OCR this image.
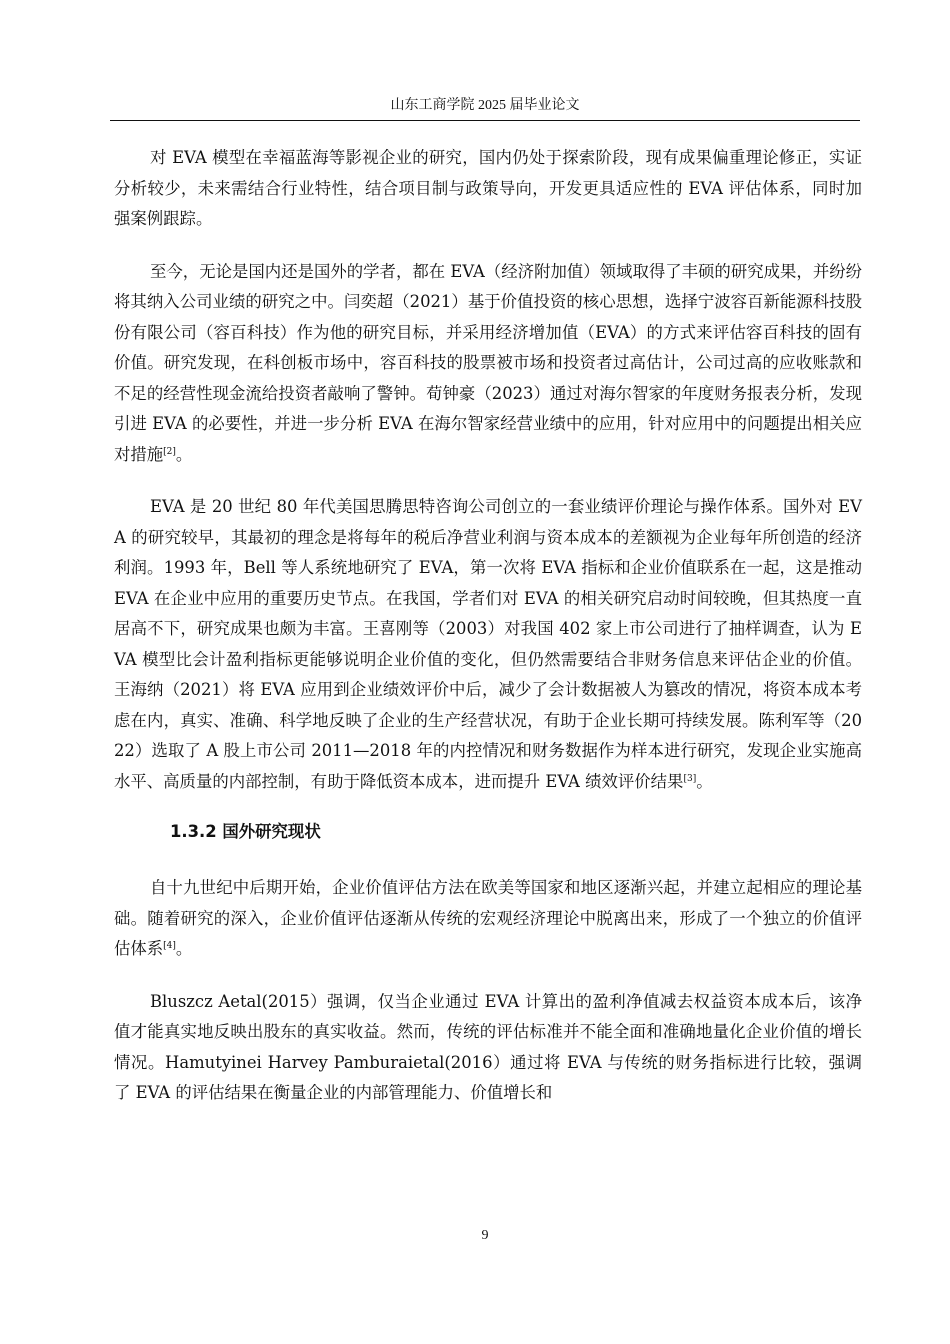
山东工商学院 2025 届毕业论文

对 EVA 模型在幸福蓝海等影视企业的研究，国内仍处于探索阶段，现有成果偏重理论修正，实证分析较少，未来需结合行业特性，结合项目制与政策导向，开发更具适应性的 EVA 评估体系，同时加强案例跟踪。

至今，无论是国内还是国外的学者，都在 EVA（经济附加值）领域取得了丰硕的研究成果，并纷纷将其纳入公司业绩的研究之中。闫奕超（2021）基于价值投资的核心思想，选择宁波容百新能源科技股份有限公司（容百科技）作为他的研究目标，并采用经济增加值（EVA）的方式来评估容百科技的固有价值。研究发现，在科创板市场中，容百科技的股票被市场和投资者过高估计，公司过高的应收账款和不足的经营性现金流给投资者敲响了警钟。荀钟豪（2023）通过对海尔智家的年度财务报表分析，发现引进 EVA 的必要性，并进一步分析 EVA 在海尔智家经营业绩中的应用，针对应用中的问题提出相关应对措施[2]。

EVA 是 20 世纪 80 年代美国思腾思特咨询公司创立的一套业绩评价理论与操作体系。国外对 EVA 的研究较早，其最初的理念是将每年的税后净营业利润与资本成本的差额视为企业每年所创造的经济利润。1993 年，Bell 等人系统地研究了 EVA，第一次将 EVA 指标和企业价值联系在一起，这是推动 EVA 在企业中应用的重要历史节点。在我国，学者们对 EVA 的相关研究启动时间较晚，但其热度一直居高不下，研究成果也颇为丰富。王喜刚等（2003）对我国 402 家上市公司进行了抽样调查，认为 EVA 模型比会计盈利指标更能够说明企业价值的变化，但仍然需要结合非财务信息来评估企业的价值。王海纳（2021）将 EVA 应用到企业绩效评价中后，减少了会计数据被人为篡改的情况，将资本成本考虑在内，真实、准确、科学地反映了企业的生产经营状况，有助于企业长期可持续发展。陈利军等（2022）选取了 A 股上市公司 2011—2018 年的内控情况和财务数据作为样本进行研究，发现企业实施高水平、高质量的内部控制，有助于降低资本成本，进而提升 EVA 绩效评价结果[3]。

1.3.2 国外研究现状

自十九世纪中后期开始，企业价值评估方法在欧美等国家和地区逐渐兴起，并建立起相应的理论基础。随着研究的深入，企业价值评估逐渐从传统的宏观经济理论中脱离出来，形成了一个独立的价值评估体系[4]。

Bluszcz Aetal(2015）强调，仅当企业通过 EVA 计算出的盈利净值减去权益资本成本后，该净值才能真实地反映出股东的真实收益。然而，传统的评估标准并不能全面和准确地量化企业价值的增长情况。Hamutyinei Harvey Pamburaietal(2016）通过将 EVA 与传统的财务指标进行比较，强调了 EVA 的评估结果在衡量企业的内部管理能力、价值增长和

9
